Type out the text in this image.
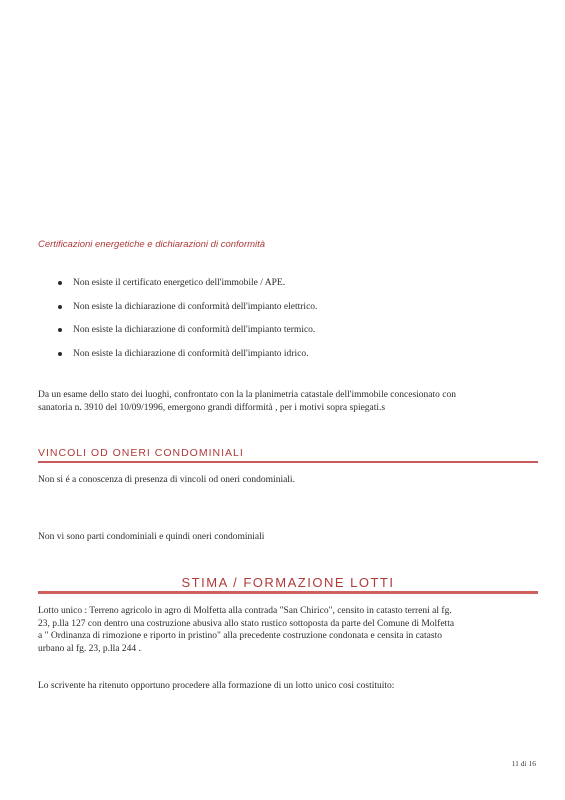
Certificazioni energetiche e dichiarazioni di conformità
Non esiste il certificato energetico dell'immobile / APE.
Non esiste la dichiarazione di conformità dell'impianto elettrico.
Non esiste la dichiarazione di conformità dell'impianto termico.
Non esiste la dichiarazione di conformità dell'impianto idrico.
Da un esame dello stato dei luoghi, confrontato con la la planimetria catastale dell'immobile concesionato con
sanatoria n. 3910 del 10/09/1996, emergono grandi difformità , per i motivi sopra spiegati.s
VINCOLI OD ONERI CONDOMINIALI
Non si é a conoscenza di presenza di vincoli od oneri condominiali.
Non vi sono parti condominiali e quindi oneri condominiali
STIMA / FORMAZIONE LOTTI
Lotto unico : Terreno agricolo in agro di Molfetta alla contrada "San Chirico", censito in catasto terreni al fg.
23, p.lla 127 con dentro una costruzione abusiva allo stato rustico sottoposta da parte del Comune di Molfetta
a " Ordinanza di rimozione e riporto in pristino" alla precedente costruzione condonata e censita in catasto
urbano al fg. 23, p.lla 244 .
Lo scrivente ha ritenuto opportuno procedere alla formazione di un lotto unico cosi costituito:
11 di 16
